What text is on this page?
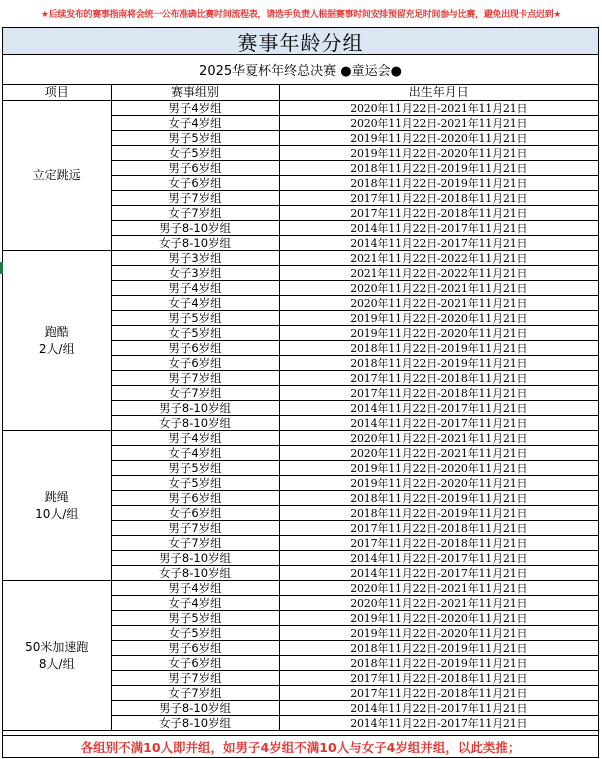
★后续发布的赛事指南将会统一公布准确比赛时间流程表，请选手负责人根据赛事时间安排预留充足时间参与比赛，避免出现卡点迟到★
赛事年龄分组
2025华夏杯年终总决赛 ●童运会●
项目	赛事组别	出生年月日

立定跳远	男子4岁组	2020年11月22日-2021年11月21日
	女子4岁组	2020年11月22日-2021年11月21日
	男子5岁组	2019年11月22日-2020年11月21日
	女子5岁组	2019年11月22日-2020年11月21日
	男子6岁组	2018年11月22日-2019年11月21日
	女子6岁组	2018年11月22日-2019年11月21日
	男子7岁组	2017年11月22日-2018年11月21日
	女子7岁组	2017年11月22日-2018年11月21日
	男子8-10岁组	2014年11月22日-2017年11月21日
	女子8-10岁组	2014年11月22日-2017年11月21日

跑酷
2人/组	男子3岁组	2021年11月22日-2022年11月21日
	女子3岁组	2021年11月22日-2022年11月21日
	男子4岁组	2020年11月22日-2021年11月21日
	女子4岁组	2020年11月22日-2021年11月21日
	男子5岁组	2019年11月22日-2020年11月21日
	女子5岁组	2019年11月22日-2020年11月21日
	男子6岁组	2018年11月22日-2019年11月21日
	女子6岁组	2018年11月22日-2019年11月21日
	男子7岁组	2017年11月22日-2018年11月21日
	女子7岁组	2017年11月22日-2018年11月21日
	男子8-10岁组	2014年11月22日-2017年11月21日
	女子8-10岁组	2014年11月22日-2017年11月21日

跳绳
10人/组	男子4岁组	2020年11月22日-2021年11月21日
	女子4岁组	2020年11月22日-2021年11月21日
	男子5岁组	2019年11月22日-2020年11月21日
	女子5岁组	2019年11月22日-2020年11月21日
	男子6岁组	2018年11月22日-2019年11月21日
	女子6岁组	2018年11月22日-2019年11月21日
	男子7岁组	2017年11月22日-2018年11月21日
	女子7岁组	2017年11月22日-2018年11月21日
	男子8-10岁组	2014年11月22日-2017年11月21日
	女子8-10岁组	2014年11月22日-2017年11月21日

50米加速跑
8人/组	男子4岁组	2020年11月22日-2021年11月21日
	女子4岁组	2020年11月22日-2021年11月21日
	男子5岁组	2019年11月22日-2020年11月21日
	女子5岁组	2019年11月22日-2020年11月21日
	男子6岁组	2018年11月22日-2019年11月21日
	女子6岁组	2018年11月22日-2019年11月21日
	男子7岁组	2017年11月22日-2018年11月21日
	女子7岁组	2017年11月22日-2018年11月21日
	男子8-10岁组	2014年11月22日-2017年11月21日
	女子8-10岁组	2014年11月22日-2017年11月21日
各组别不满10人即并组，如男子4岁组不满10人与女子4岁组并组，以此类推；
